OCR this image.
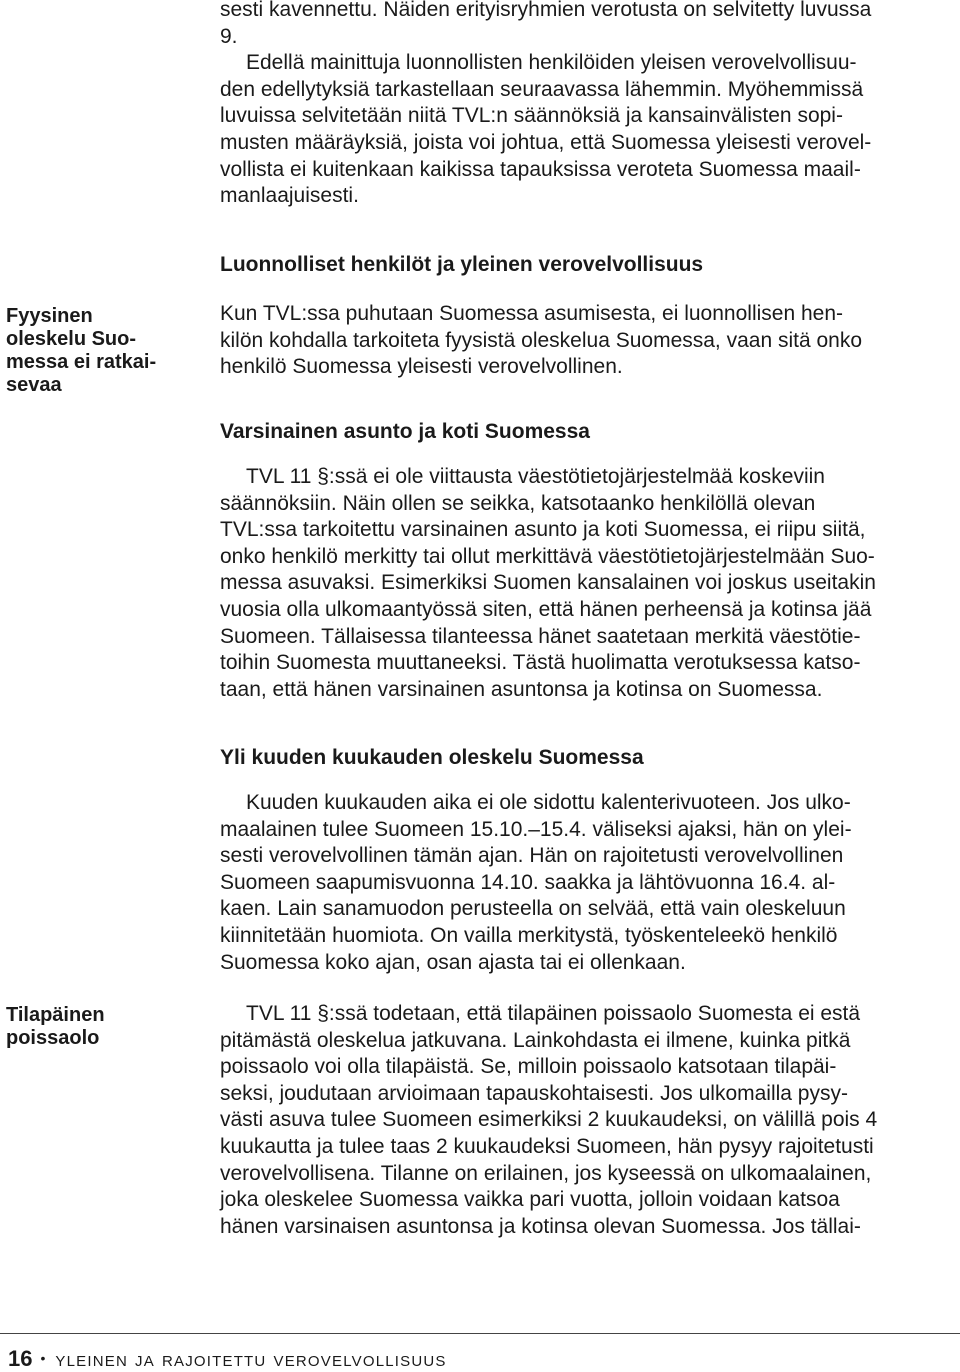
sesti kavennettu. Näiden erityisryhmien verotusta on selvitetty luvussa
9.
Edellä mainittuja luonnollisten henkilöiden yleisen verovelvollisuu-
den edellytyksiä tarkastellaan seuraavassa lähemmin. Myöhemmissä
luvuissa selvitetään niitä TVL:n säännöksiä ja kansainvälisten sopi-
musten määräyksiä, joista voi johtua, että Suomessa yleisesti verovel-
vollista ei kuitenkaan kaikissa tapauksissa veroteta Suomessa maail-
manlaajuisesti.

Luonnolliset henkilöt ja yleinen verovelvollisuus
Fyysinen
oleskelu Suo-
messa ei ratkai-
sevaa

Kun TVL:ssa puhutaan Suomessa asumisesta, ei luonnollisen hen-
kilön kohdalla tarkoiteta fyysistä oleskelua Suomessa, vaan sitä onko
henkilö Suomessa yleisesti verovelvollinen.

Varsinainen asunto ja koti Suomessa

TVL 11 §:ssä ei ole viittausta väestötietojärjestelmää koskeviin
säännöksiin. Näin ollen se seikka, katsotaanko henkilöllä olevan
TVL:ssa tarkoitettu varsinainen asunto ja koti Suomessa, ei riipu siitä,
onko henkilö merkitty tai ollut merkittävä väestötietojärjestelmään Suo-
messa asuvaksi. Esimerkiksi Suomen kansalainen voi joskus useitakin
vuosia olla ulkomaantyössä siten, että hänen perheensä ja kotinsa jää
Suomeen. Tällaisessa tilanteessa hänet saatetaan merkitä väestötie-
toihin Suomesta muuttaneeksi. Tästä huolimatta verotuksessa katso-
taan, että hänen varsinainen asuntonsa ja kotinsa on Suomessa.

Yli kuuden kuukauden oleskelu Suomessa

Kuuden kuukauden aika ei ole sidottu kalenterivuoteen. Jos ulko-
maalainen tulee Suomeen 15.10.–15.4. väliseksi ajaksi, hän on ylei-
sesti verovelvollinen tämän ajan. Hän on rajoitetusti verovelvollinen
Suomeen saapumisvuonna 14.10. saakka ja lähtövuonna 16.4. al-
kaen. Lain sanamuodon perusteella on selvää, että vain oleskeluun
kiinnitetään huomiota. On vailla merkitystä, työskenteleekö henkilö
Suomessa koko ajan, osan ajasta tai ei ollenkaan.

Tilapäinen
poissaolo

TVL 11 §:ssä todetaan, että tilapäinen poissaolo Suomesta ei estä
pitämästä oleskelua jatkuvana. Lainkohdasta ei ilmene, kuinka pitkä
poissaolo voi olla tilapäistä. Se, milloin poissaolo katsotaan tilapäi-
seksi, joudutaan arvioimaan tapauskohtaisesti. Jos ulkomailla pysy-
västi asuva tulee Suomeen esimerkiksi 2 kuukaudeksi, on välillä pois 4
kuukautta ja tulee taas 2 kuukaudeksi Suomeen, hän pysyy rajoitetusti
verovelvollisena. Tilanne on erilainen, jos kyseessä on ulkomaalainen,
joka oleskelee Suomessa vaikka pari vuotta, jolloin voidaan katsoa
hänen varsinaisen asuntonsa ja kotinsa olevan Suomessa. Jos tällai-

16 • yleinen ja rajoitettu verovelvollisuus
